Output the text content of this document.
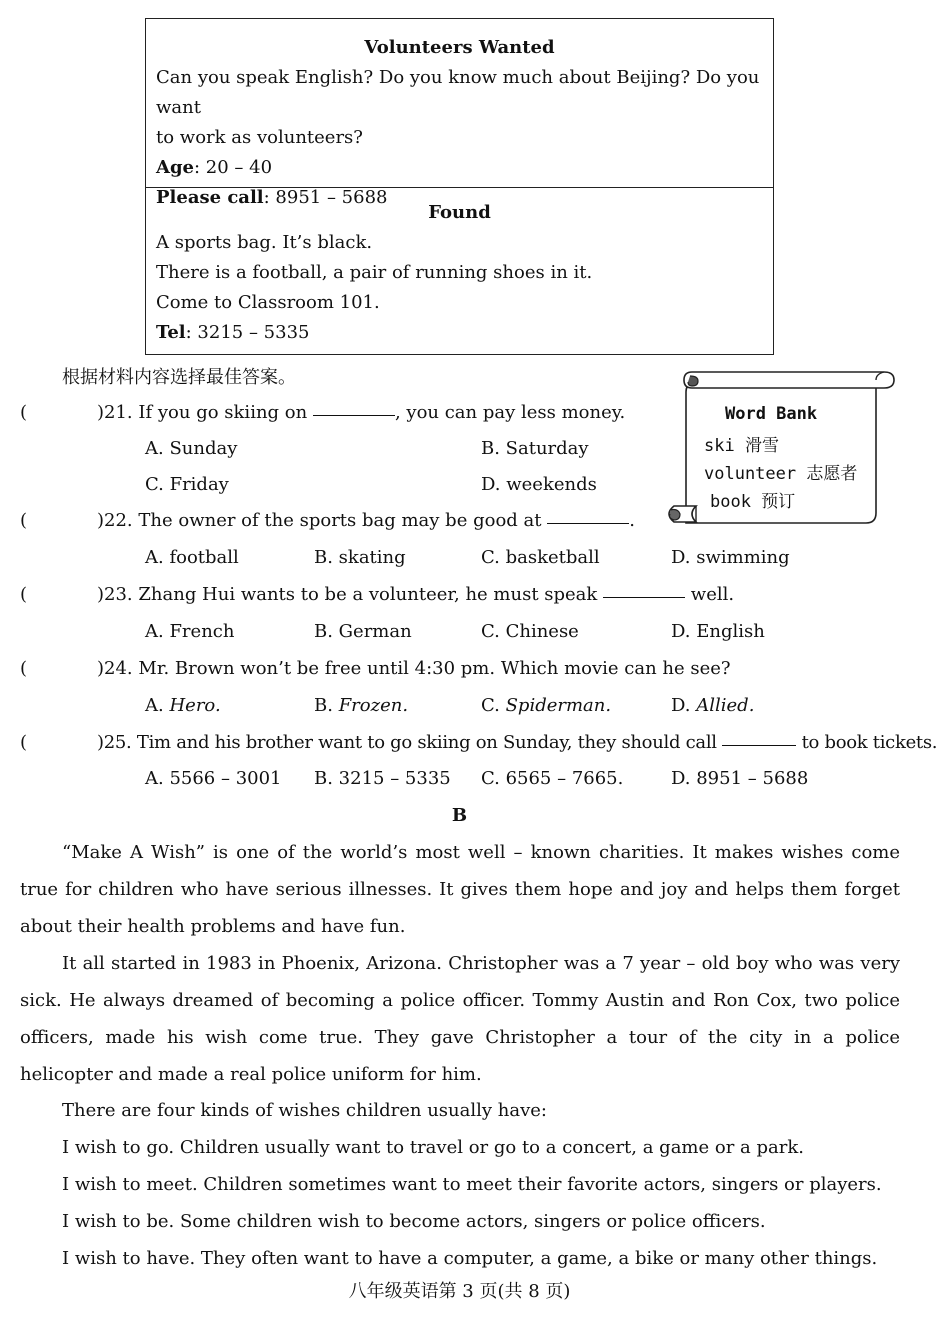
Volunteers Wanted
Can you speak English? Do you know much about Beijing? Do you want
to work as volunteers?
Age: 20 – 40
Please call: 8951 – 5688
Found
A sports bag. It’s black.
There is a football, a pair of running shoes in it.
Come to Classroom 101.
Tel: 3215 – 5335
根据材料内容选择最佳答案。
Word Bank
ski 滑雪
volunteer 志愿者
book 预订
(	)21. If you go skiing on	, you can pay less money.
A. Sunday	B. Saturday
C. Friday	D. weekends
(	)22. The owner of the sports bag may be good at	.
A. football	B. skating	C. basketball	D. swimming
(	)23. Zhang Hui wants to be a volunteer, he must speak	well.
A. French	B. German	C. Chinese	D. English
(	)24. Mr. Brown won’t be free until 4:30 pm. Which movie can he see?
A. Hero.	B. Frozen.	C. Spiderman.	D. Allied.
(	)25. Tim and his brother want to go skiing on Sunday, they should call	to book tickets.
A. 5566 – 3001 B. 3215 – 5335 C. 6565 – 7665.	D. 8951 – 5688
B
“Make A Wish” is one of the world’s most well – known charities. It makes wishes come true for children who have serious illnesses. It gives them hope and joy and helps them forget about their health problems and have fun.
It all started in 1983 in Phoenix, Arizona. Christopher was a 7 year – old boy who was very sick. He always dreamed of becoming a police officer. Tommy Austin and Ron Cox, two police officers, made his wish come true. They gave Christopher a tour of the city in a police helicopter and made a real police uniform for him.
There are four kinds of wishes children usually have:
I wish to go. Children usually want to travel or go to a concert, a game or a park.
I wish to meet. Children sometimes want to meet their favorite actors, singers or players.
I wish to be. Some children wish to become actors, singers or police officers.
I wish to have. They often want to have a computer, a game, a bike or many other things.
八年级英语第 3 页(共 8 页)
